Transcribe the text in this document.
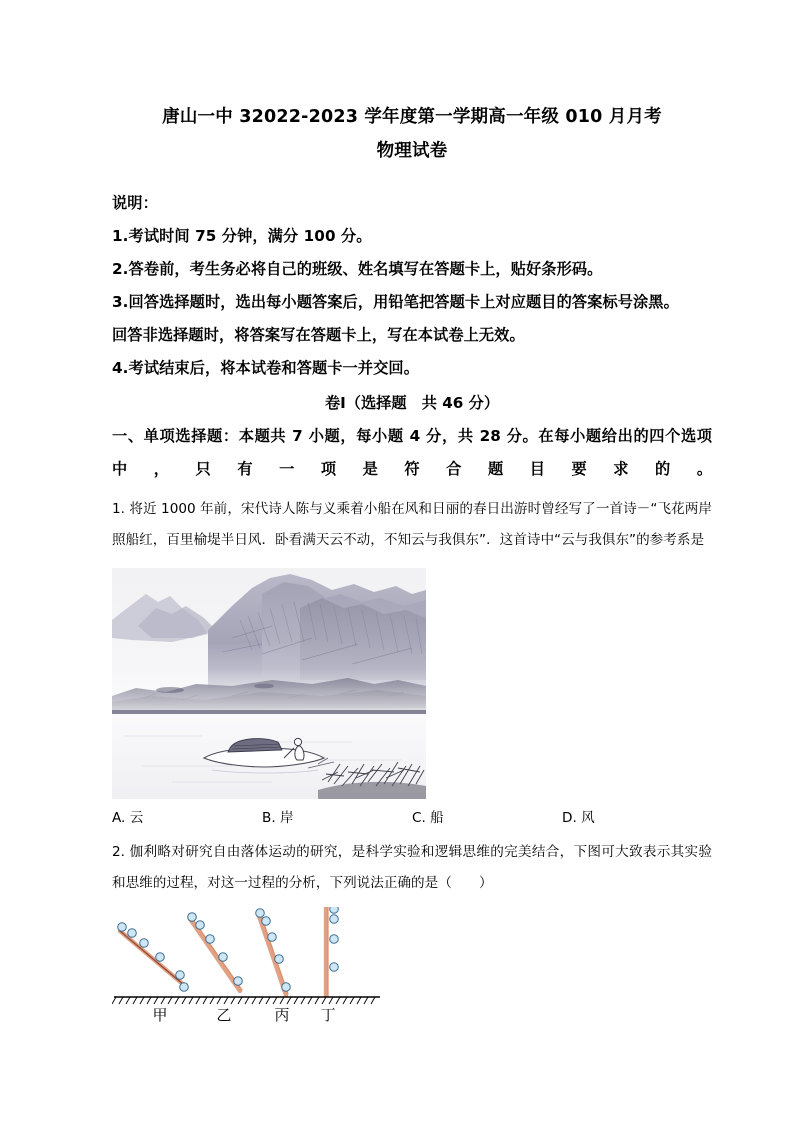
唐山一中 32022-2023 学年度第一学期高一年级 010 月月考
物理试卷
说明：
1.考试时间 75 分钟，满分 100 分。
2.答卷前，考生务必将自己的班级、姓名填写在答题卡上，贴好条形码。
3.回答选择题时，选出每小题答案后，用铅笔把答题卡上对应题目的答案标号涂黑。
回答非选择题时，将答案写在答题卡上，写在本试卷上无效。
4.考试结束后，将本试卷和答题卡一并交回。
卷Ⅰ（选择题　共 46 分）
一、单项选择题：本题共 7 小题，每小题 4 分，共 28 分。在每小题给出的四个选项
中，只有一项是符合题目要求的。
1. 将近 1000 年前，宋代诗人陈与义乘着小船在风和日丽的春日出游时曾经写了一首诗－“飞花两岸照船红，百里榆堤半日风．卧看满天云不动，不知云与我俱东”．这首诗中“云与我俱东”的参考系是
A. 云	B. 岸	C. 船	D. 风
2. 伽利略对研究自由落体运动的研究，是科学实验和逻辑思维的完美结合，下图可大致表示其实验和思维的过程，对这一过程的分析，下列说法正确的是（　　）
甲	乙	丙 丁
